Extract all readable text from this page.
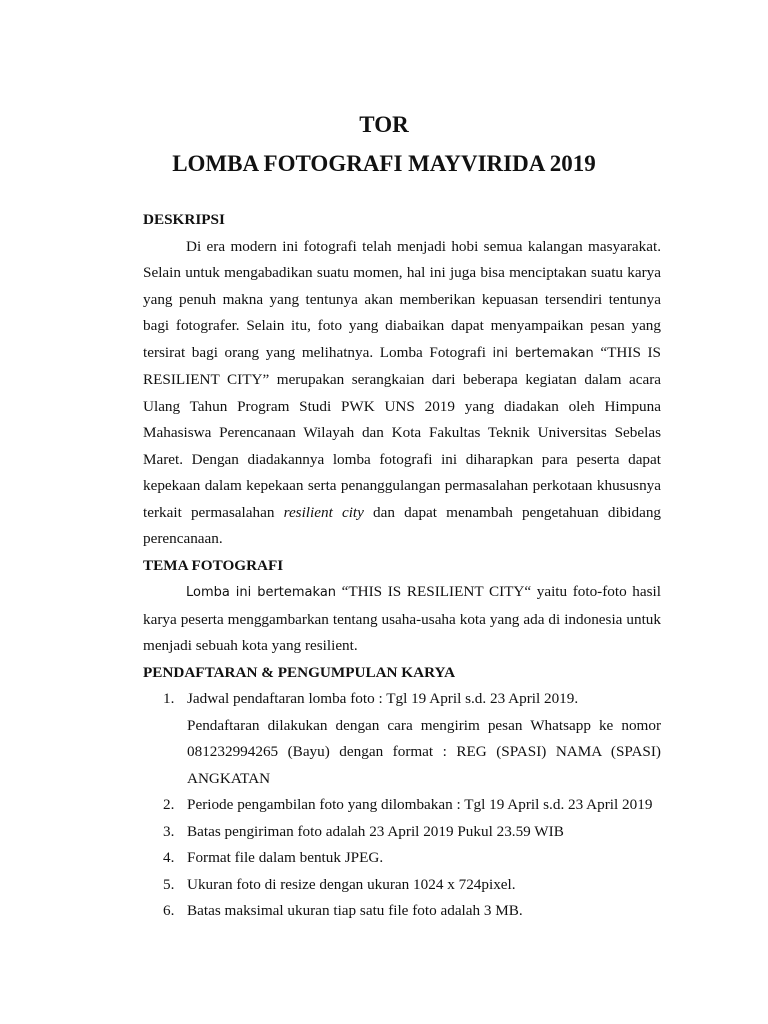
TOR
LOMBA FOTOGRAFI MAYVIRIDA 2019

DESKRIPSI

Di era modern ini fotografi telah menjadi hobi semua kalangan masyarakat. Selain untuk mengabadikan suatu momen, hal ini juga bisa menciptakan suatu karya yang penuh makna yang tentunya akan memberikan kepuasan tersendiri tentunya bagi fotografer. Selain itu, foto yang diabaikan dapat menyampaikan pesan yang tersirat bagi orang yang melihatnya. Lomba Fotografi ini bertemakan “THIS IS RESILIENT CITY” merupakan serangkaian dari beberapa kegiatan dalam acara Ulang Tahun Program Studi PWK UNS 2019 yang diadakan oleh Himpuna Mahasiswa Perencanaan Wilayah dan Kota Fakultas Teknik Universitas Sebelas Maret. Dengan diadakannya lomba fotografi ini diharapkan para peserta dapat kepekaan dalam kepekaan serta penanggulangan permasalahan perkotaan khususnya terkait permasalahan resilient city dan dapat menambah pengetahuan dibidang perencanaan.

TEMA FOTOGRAFI

Lomba ini bertemakan “THIS IS RESILIENT CITY“ yaitu foto-foto hasil karya peserta menggambarkan tentang usaha-usaha kota yang ada di indonesia untuk menjadi sebuah kota yang resilient.

PENDAFTARAN & PENGUMPULAN KARYA

1. Jadwal pendaftaran lomba foto : Tgl 19 April s.d. 23 April 2019.

Pendaftaran dilakukan dengan cara mengirim pesan Whatsapp ke nomor 081232994265 (Bayu) dengan format : REG (SPASI) NAMA (SPASI) ANGKATAN

2. Periode pengambilan foto yang dilombakan : Tgl 19 April s.d. 23 April 2019
3. Batas pengiriman foto adalah 23 April 2019 Pukul 23.59 WIB
4. Format file dalam bentuk JPEG.
5. Ukuran foto di resize dengan ukuran 1024 x 724pixel.
6. Batas maksimal ukuran tiap satu file foto adalah 3 MB.
